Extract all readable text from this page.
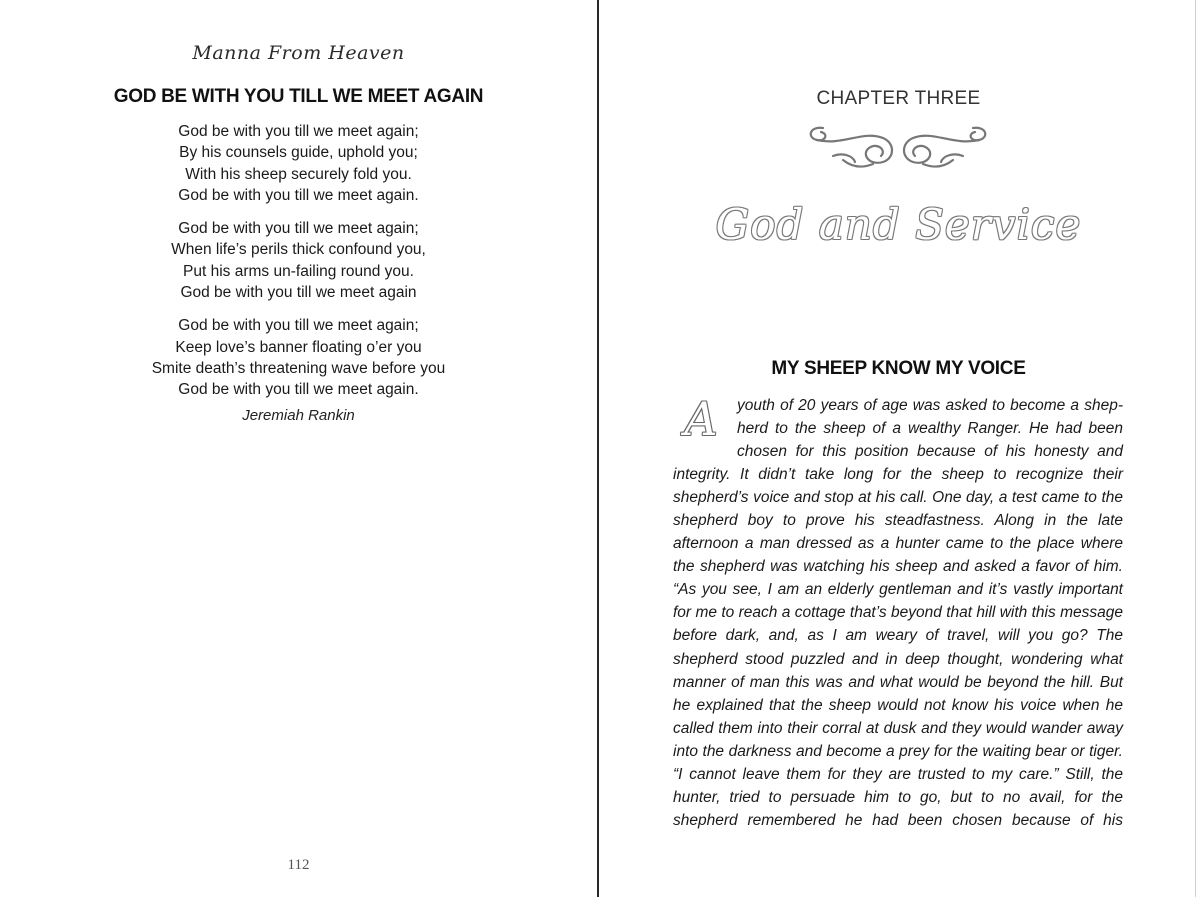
Manna From Heaven
GOD BE WITH YOU TILL WE MEET AGAIN
God be with you till we meet again;
By his counsels guide, uphold you;
With his sheep securely fold you.
God be with you till we meet again.
God be with you till we meet again;
When life’s perils thick confound you,
Put his arms un-failing round you.
God be with you till we meet again
God be with you till we meet again;
Keep love’s banner floating o’er you
Smite death’s threatening wave before you
God be with you till we meet again.
Jeremiah Rankin
112
CHAPTER THREE
God and Service
MY SHEEP KNOW MY VOICE
A	youth of 20 years of age was asked to become a shep-herd to the sheep of a wealthy Ranger. He had been chosen for this position because of his honesty and integrity. It didn’t take long for the sheep to recognize their shepherd’s voice and stop at his call. One day, a test came to the shepherd boy to prove his steadfastness. Along in the late afternoon a man dressed as a hunter came to the place where the shepherd was watching his sheep and asked a favor of him. “As you see, I am an elderly gentleman and it’s vastly important for me to reach a cottage that’s beyond that hill with this message before dark, and, as I am weary of travel, will you go? The shepherd stood puzzled and in deep thought, wondering what manner of man this was and what would be beyond the hill. But he explained that the sheep would not know his voice when he called them into their corral at dusk and they would wander away into the darkness and become a prey for the waiting bear or tiger. “I cannot leave them for they are trusted to my care.” Still, the hunter, tried to persuade him to go, but to no avail, for the shepherd remembered he had been chosen because of his
